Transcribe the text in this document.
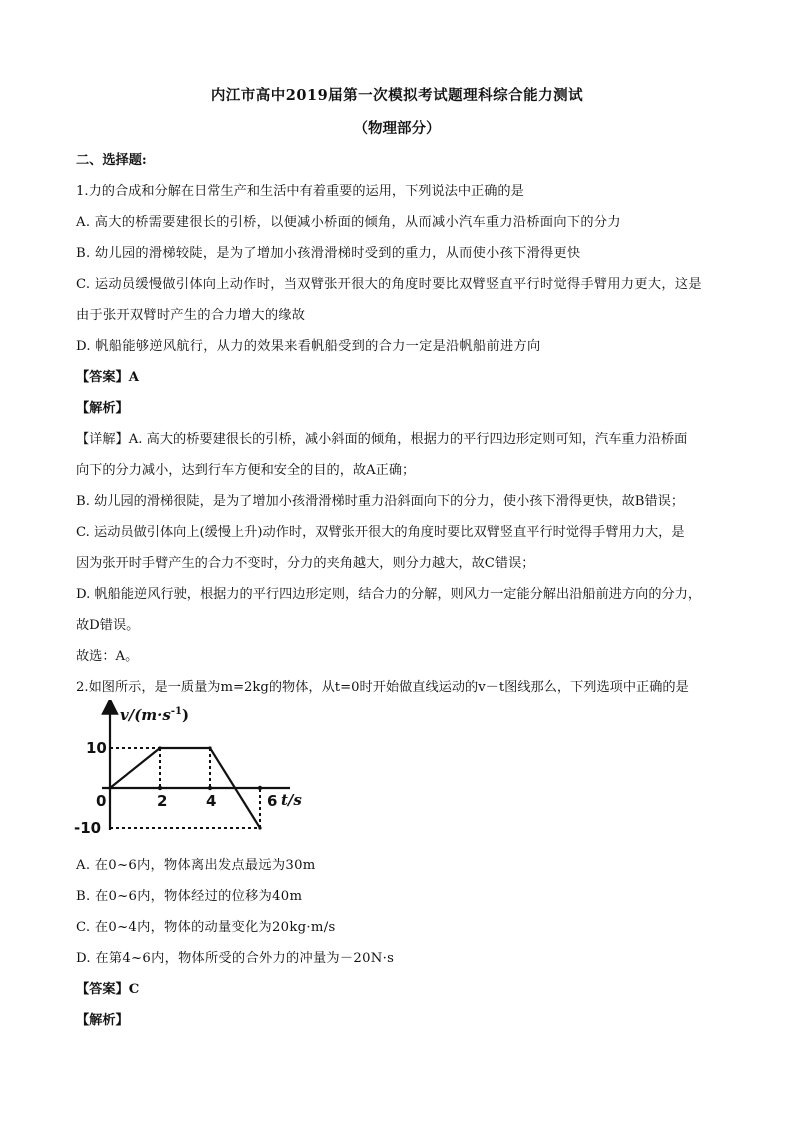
内江市高中2019届第一次模拟考试题理科综合能力测试
（物理部分）
二、选择题:
1.力的合成和分解在日常生产和生活中有着重要的运用，下列说法中正确的是
A. 高大的桥需要建很长的引桥，以便减小桥面的倾角，从而减小汽车重力沿桥面向下的分力
B. 幼儿园的滑梯较陡，是为了增加小孩滑滑梯时受到的重力，从而使小孩下滑得更快
C. 运动员缓慢做引体向上动作时，当双臂张开很大的角度时要比双臂竖直平行时觉得手臂用力更大，这是
由于张开双臂时产生的合力增大的缘故
D. 帆船能够逆风航行，从力的效果来看帆船受到的合力一定是沿帆船前进方向
【答案】A
【解析】
【详解】A. 高大的桥要建很长的引桥，减小斜面的倾角，根据力的平行四边形定则可知，汽车重力沿桥面
向下的分力减小，达到行车方便和安全的目的，故A正确；
B. 幼儿园的滑梯很陡，是为了增加小孩滑滑梯时重力沿斜面向下的分力，使小孩下滑得更快，故B错误；
C. 运动员做引体向上(缓慢上升)动作时，双臂张开很大的角度时要比双臂竖直平行时觉得手臂用力大，是
因为张开时手臂产生的合力不变时，分力的夹角越大，则分力越大，故C错误；
D. 帆船能逆风行驶，根据力的平行四边形定则，结合力的分解，则风力一定能分解出沿船前进方向的分力，
故D错误。
故选：A。
2.如图所示，是一质量为m=2kg的物体，从t=0时开始做直线运动的v－t图线那么，下列选项中正确的是
$v/(m\cdot s^{-1})$
t/s
10
-10
0	2	4	6
A. 在0~6内，物体离出发点最远为30m
B. 在0~6内，物体经过的位移为40m
C. 在0~4内，物体的动量变化为20kg·m/s
D. 在第4~6内，物体所受的合外力的冲量为－20N·s
【答案】C
【解析】
